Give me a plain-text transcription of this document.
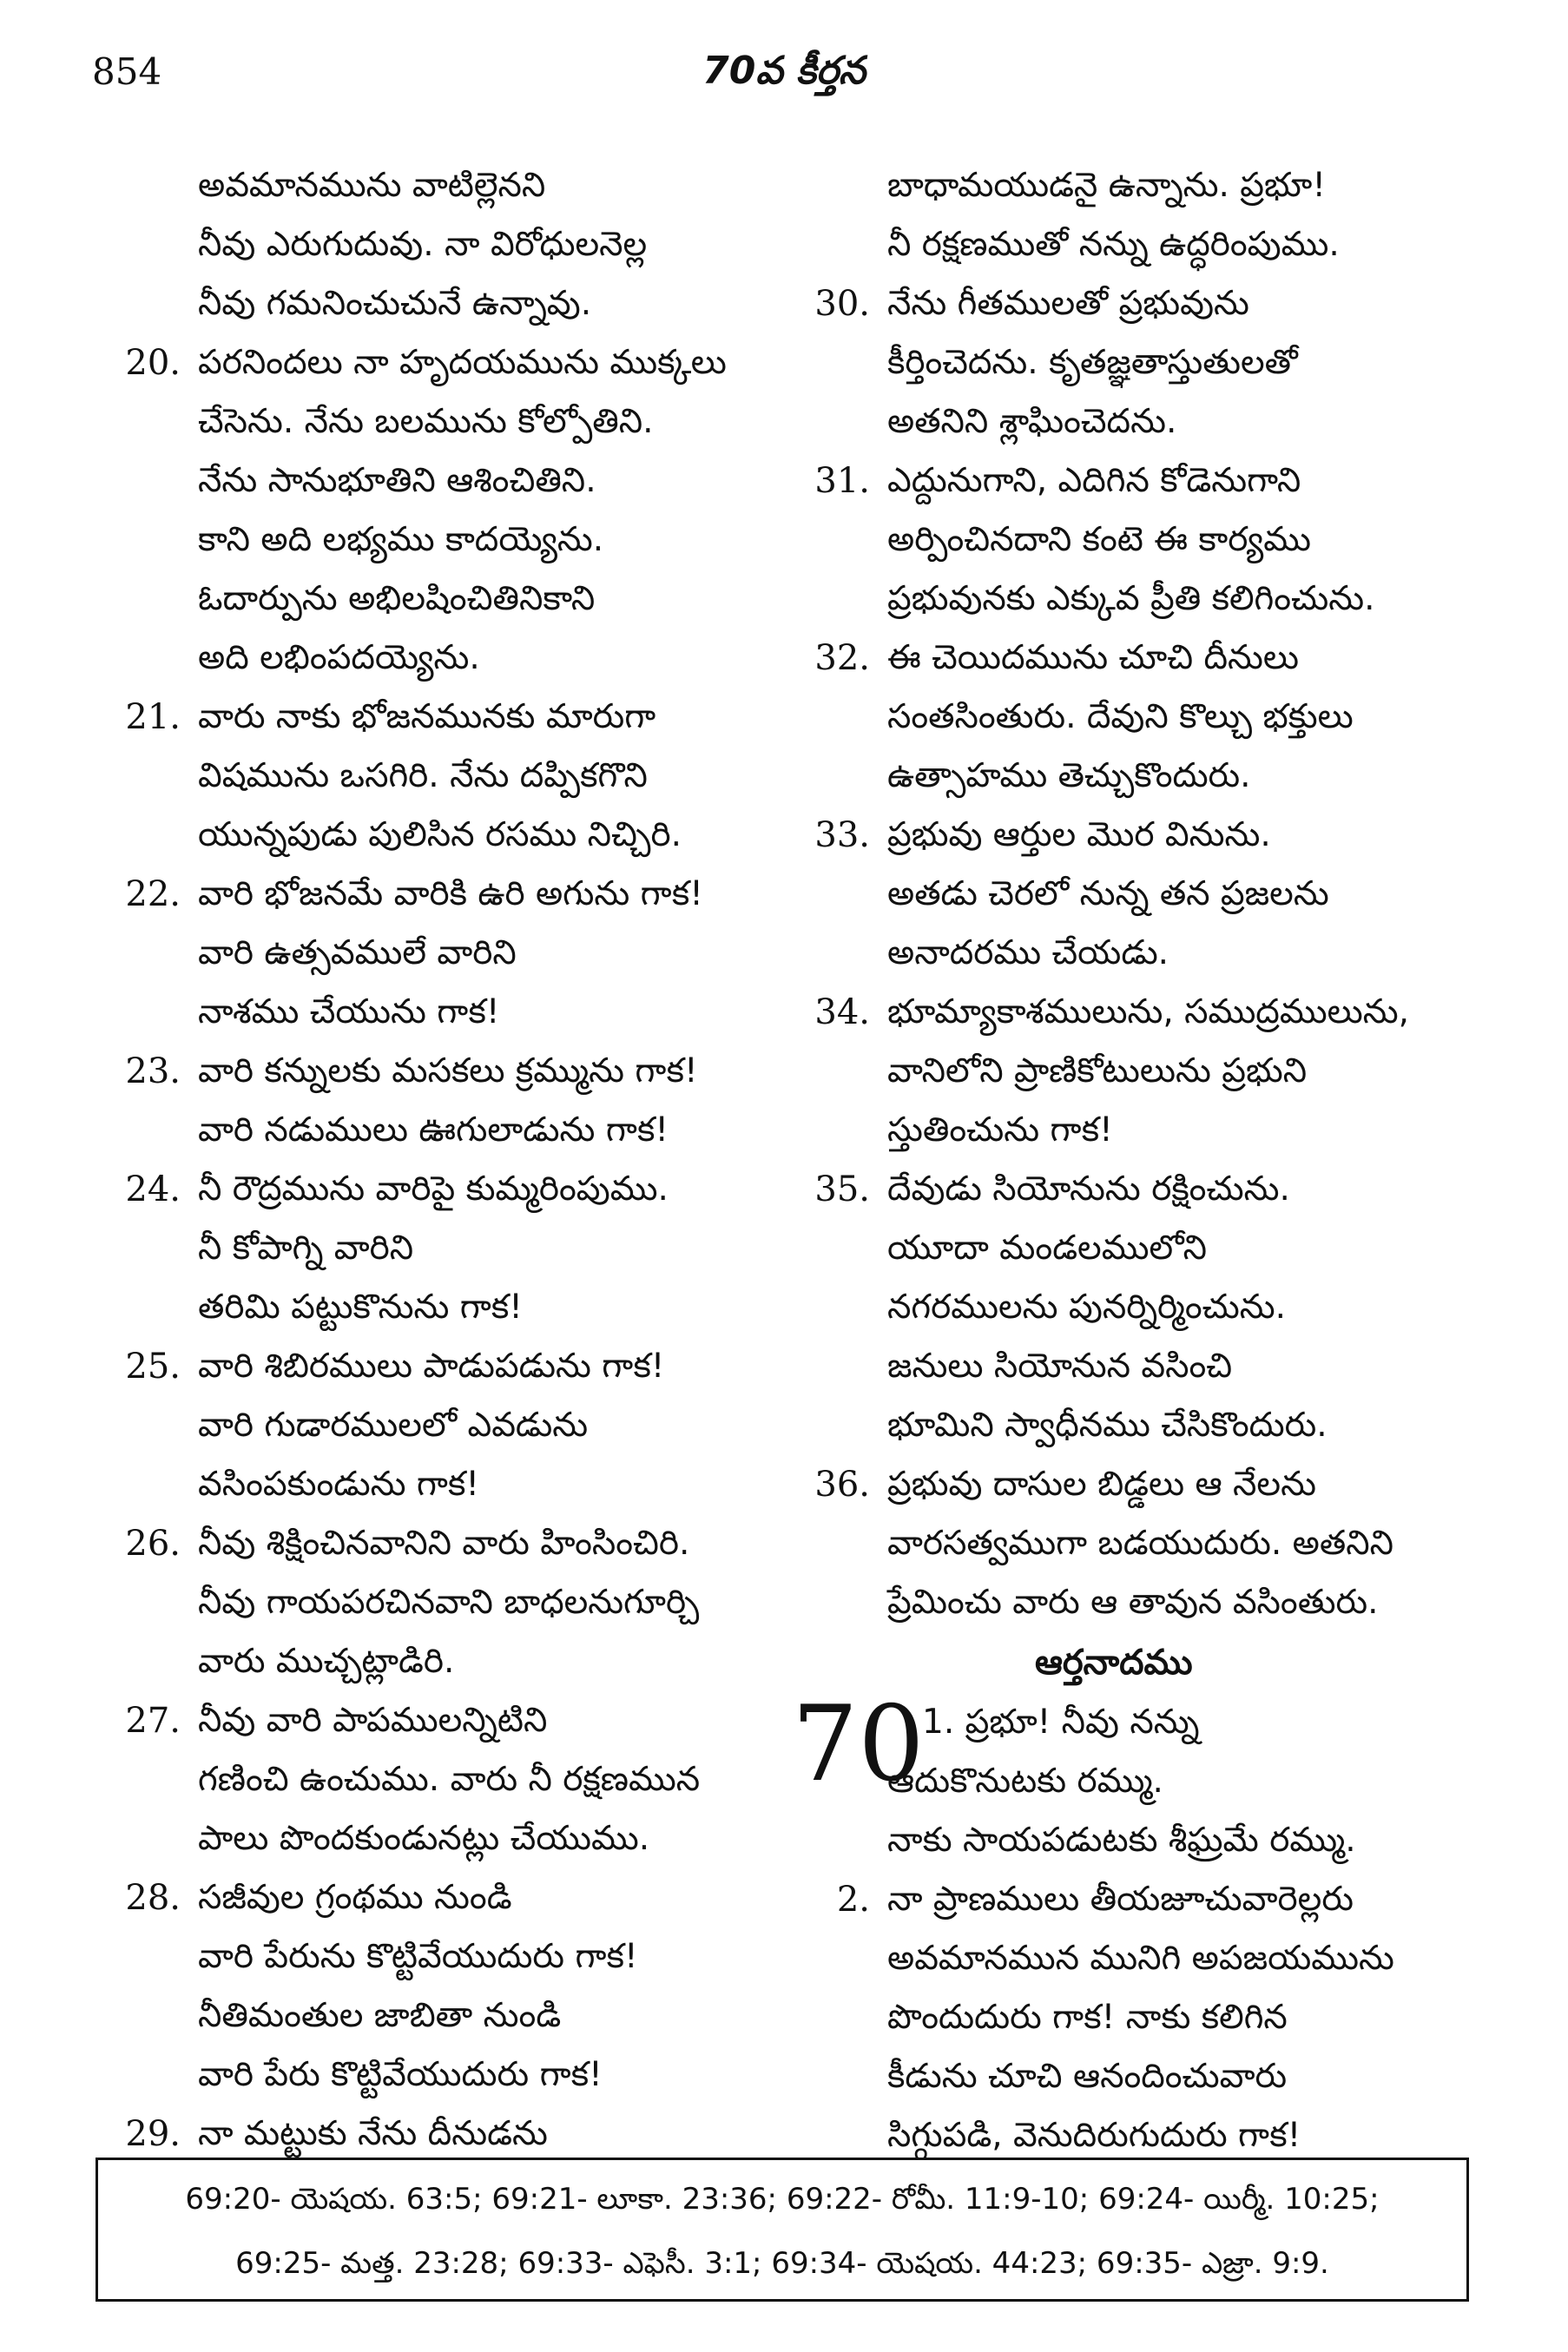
854	70వ కీర్తన
అవమానమును వాటిల్లెనని
నీవు ఎరుగుదువు. నా విరోధులనెల్ల
నీవు గమనించుచునే ఉన్నావు.
20. పరనిందలు నా హృదయమును ముక్కలు
చేసెను. నేను బలమును కోల్పోతిని.
నేను సానుభూతిని ఆశించితిని.
కాని అది లభ్యము కాదయ్యెను.
ఓదార్పును అభిలషించితినికాని
అది లభింపదయ్యెను.
21. వారు నాకు భోజనమునకు మారుగా
విషమును ఒసగిరి. నేను దప్పికగొని
యున్నపుడు పులిసిన రసము నిచ్చిరి.
22. వారి భోజనమే వారికి ఉరి అగును గాక!
వారి ఉత్సవములే వారిని
నాశము చేయును గాక!
23. వారి కన్నులకు మసకలు క్రమ్మును గాక!
వారి నడుములు ఊగులాడును గాక!
24. నీ రౌద్రమును వారిపై కుమ్మరింపుము.
నీ కోపాగ్ని వారిని
తరిమి పట్టుకొనును గాక!
25. వారి శిబిరములు పాడుపడును గాక!
వారి గుడారములలో ఎవడును
వసింపకుండును గాక!
26. నీవు శిక్షించినవానిని వారు హింసించిరి.
నీవు గాయపరచినవాని బాధలనుగూర్చి
వారు ముచ్చట్లాడిరి.
27. నీవు వారి పాపములన్నిటిని
గణించి ఉంచుము. వారు నీ రక్షణమున
పాలు పొందకుండునట్లు చేయుము.
28. సజీవుల గ్రంథము నుండి
వారి పేరును కొట్టివేయుదురు గాక!
నీతిమంతుల జాబితా నుండి
వారి పేరు కొట్టివేయుదురు గాక!
29. నా మట్టుకు నేను దీనుడను
బాధామయుడనై ఉన్నాను. ప్రభూ!
నీ రక్షణముతో నన్ను ఉద్ధరింపుము.
30. నేను గీతములతో ప్రభువును
కీర్తించెదను. కృతజ్ఞతాస్తుతులతో
అతనిని శ్లాఘించెదను.
31. ఎద్దునుగాని, ఎదిగిన కోడెనుగాని
అర్పించినదాని కంటె ఈ కార్యము
ప్రభువునకు ఎక్కువ ప్రీతి కలిగించును.
32. ఈ చెయిదమును చూచి దీనులు
సంతసింతురు. దేవుని కొల్చు భక్తులు
ఉత్సాహము తెచ్చుకొందురు.
33. ప్రభువు ఆర్తుల మొర వినును.
అతడు చెరలో నున్న తన ప్రజలను
అనాదరము చేయడు.
34. భూమ్యాకాశములును, సముద్రములును,
వానిలోని ప్రాణికోటులును ప్రభుని
స్తుతించును గాక!
35. దేవుడు సియోనును రక్షించును.
యూదా మండలములోని
నగరములను పునర్నిర్మించును.
జనులు సియోనున వసించి
భూమిని స్వాధీనము చేసికొందురు.
36. ప్రభువు దాసుల బిడ్డలు ఆ నేలను
వారసత్వముగా బడయుదురు. అతనిని
ప్రేమించు వారు ఆ తావున వసింతురు.
ఆర్తనాదము
70
1. ప్రభూ! నీవు నన్ను
ఆదుకొనుటకు రమ్ము.
నాకు సాయపడుటకు శీఘ్రమే రమ్ము.
2. నా ప్రాణములు తీయజూచువారెల్లరు
అవమానమున మునిగి అపజయమును
పొందుదురు గాక! నాకు కలిగిన
కీడును చూచి ఆనందించువారు
సిగ్గుపడి, వెనుదిరుగుదురు గాక!
69:20- యెషయ. 63:5; 69:21- లూకా. 23:36; 69:22- రోమీ. 11:9-10; 69:24- యిర్మీ. 10:25;
69:25- మత్త. 23:28; 69:33- ఎఫెసీ. 3:1; 69:34- యెషయ. 44:23; 69:35- ఎజ్రా. 9:9.
